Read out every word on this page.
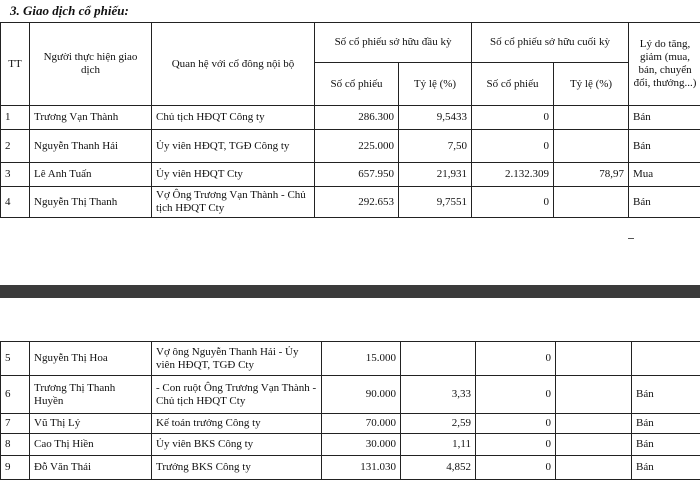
3. Giao dịch cổ phiếu:
TT	Người thực hiện giao dịch	Quan hệ với cổ đông nội bộ	Số cổ phiếu sở hữu đầu kỳ		Số cổ phiếu sở hữu cuối kỳ		Lý do tăng, giảm (mua, bán, chuyển đổi, thưởng...)
			Số cổ phiếu	Tỷ lệ (%)	Số cổ phiếu	Tỷ lệ (%)	
1	Trương Vạn Thành	Chủ tịch HĐQT Công ty	286.300	9,5433	0		Bán
2	Nguyễn Thanh Hải	Ủy viên HĐQT, TGĐ Công ty	225.000	7,50	0		Bán
3	Lê Anh Tuấn	Ủy viên HĐQT Cty	657.950	21,931	2.132.309	78,97	Mua
4	Nguyễn Thị Thanh	Vợ Ông Trương Vạn Thành - Chủ tịch HĐQT Cty	292.653	9,7551	0		Bán
5	Nguyễn Thị Hoa	Vợ ông Nguyễn Thanh Hải - Ủy viên HĐQT, TGĐ Cty	15.000		0		
6	Trương Thị Thanh Huyền	- Con ruột Ông Trương Vạn Thành - Chủ tịch HĐQT Cty	90.000	3,33	0		Bán
7	Vũ Thị Lý	Kế toán trưởng Công ty	70.000	2,59	0		Bán
8	Cao Thị Hiền	Ủy viên BKS Công ty	30.000	1,11	0		Bán
9	Đỗ Văn Thái	Trưởng BKS Công ty	131.030	4,852	0		Bán
